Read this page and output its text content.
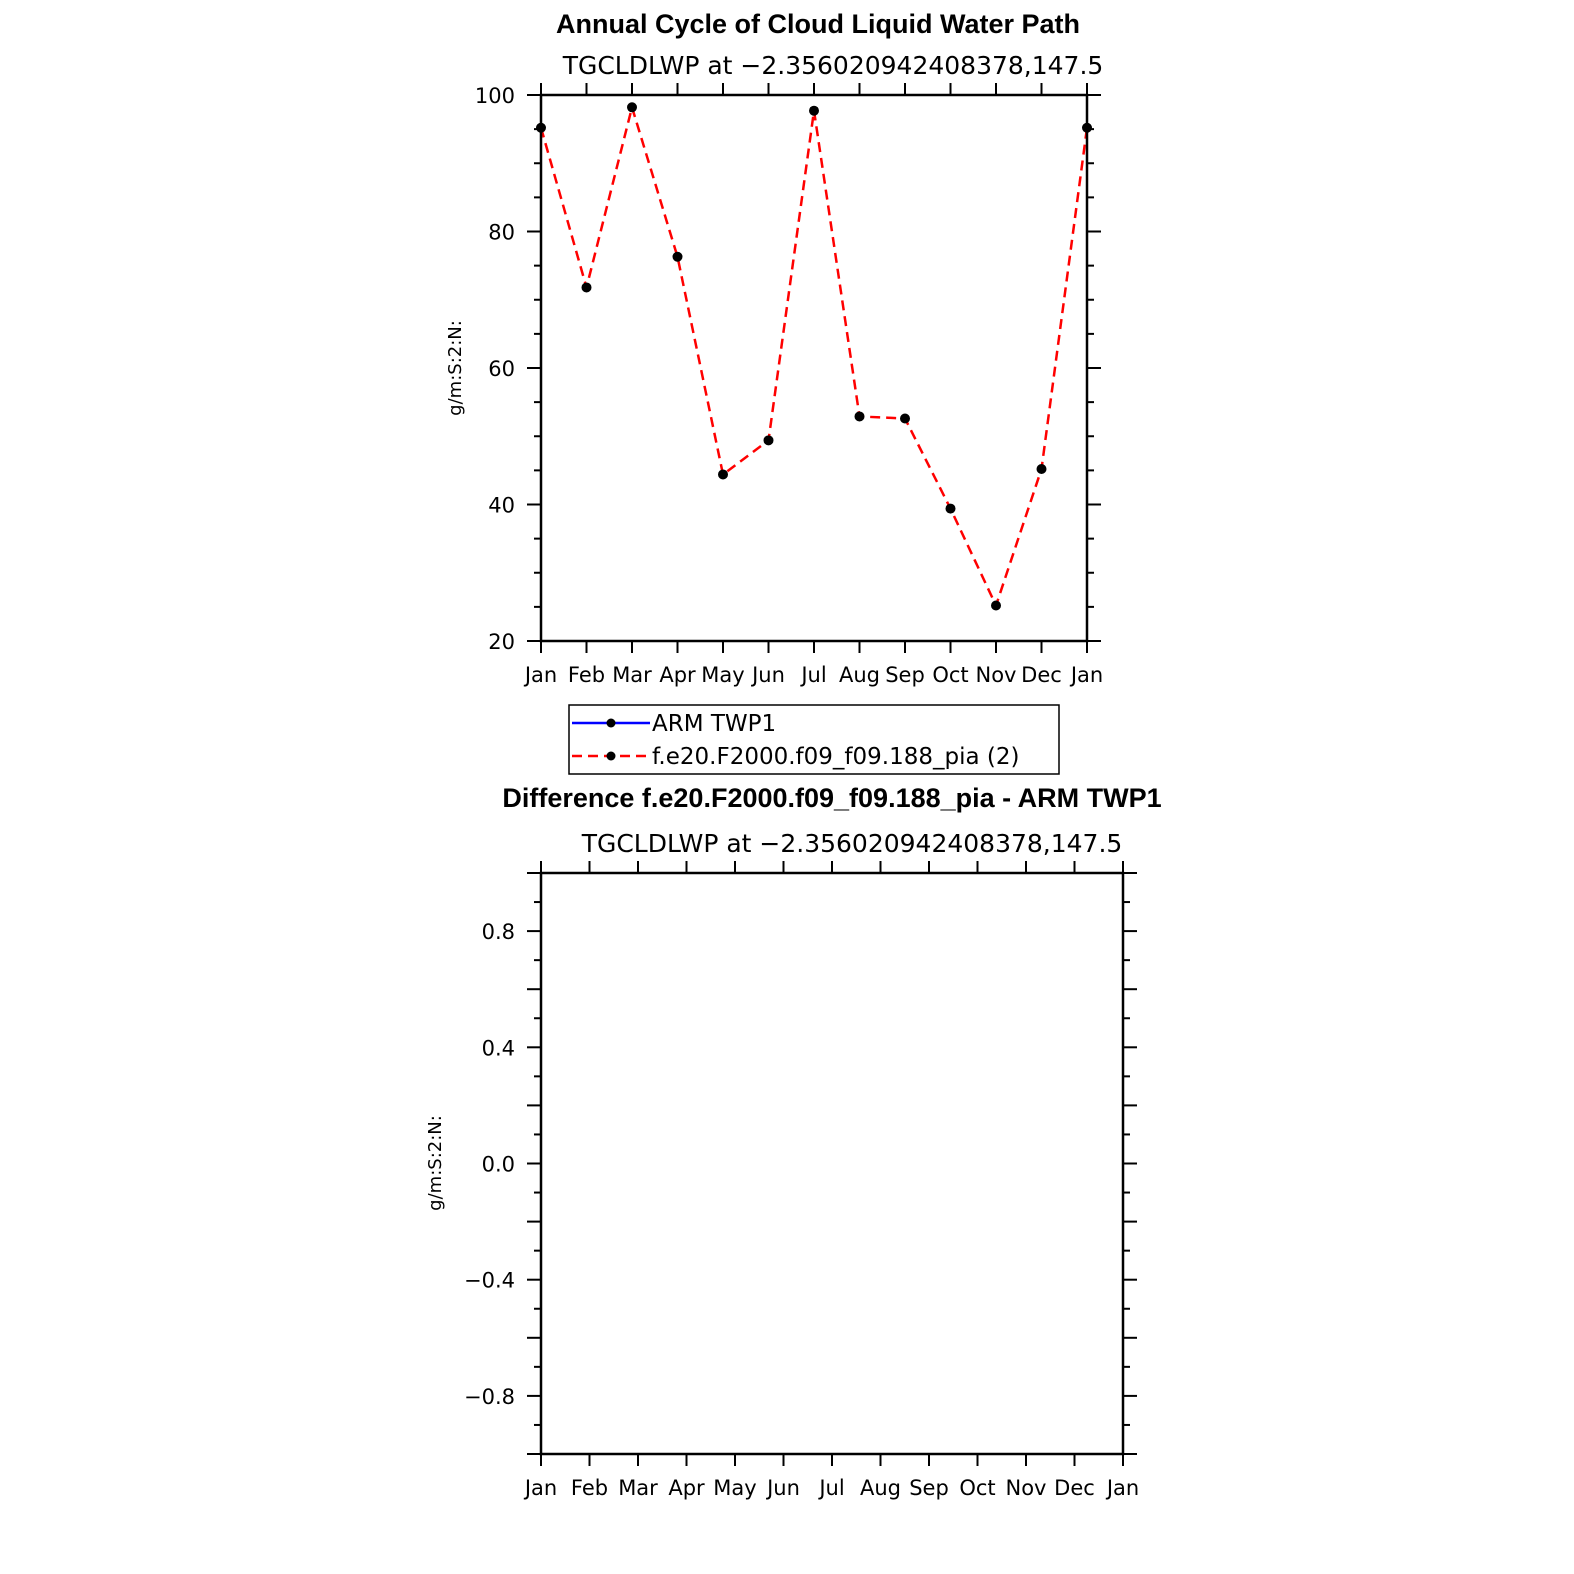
Annual Cycle of Cloud Liquid Water Path
TGCLDLWP at −2.356020942408378,147.5
g/m:S:2:N:
20
40
60
80
100
Jan Feb Mar Apr May Jun Jul Aug Sep Oct Nov Dec Jan
ARM TWP1
f.e20.F2000.f09_f09.188_pia (2)
Difference f.e20.F2000.f09_f09.188_pia - ARM TWP1
TGCLDLWP at −2.356020942408378,147.5
g/m:S:2:N:
−0.8
−0.4
0.0
0.4
0.8
Jan Feb Mar Apr May Jun Jul Aug Sep Oct Nov Dec Jan
